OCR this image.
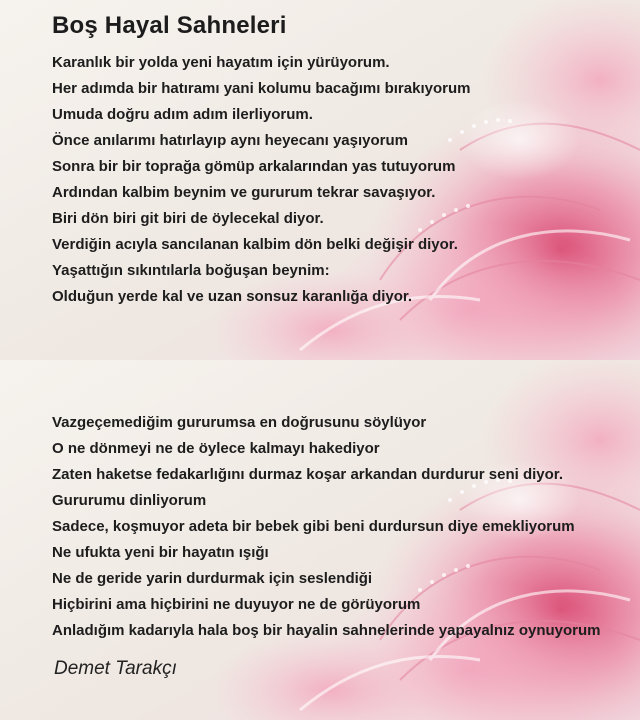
Boş Hayal Sahneleri
Karanlık bir yolda yeni hayatım için yürüyorum.
Her adımda bir hatıramı yani kolumu bacağımı bırakıyorum
Umuda doğru adım adım ilerliyorum.
Önce anılarımı hatırlayıp aynı heyecanı yaşıyorum
Sonra bir bir toprağa gömüp arkalarından yas tutuyorum
Ardından kalbim beynim ve gururum tekrar savaşıyor.
Biri dön biri git biri de öylecekal diyor.
Verdiğin acıyla sancılanan kalbim dön belki değişir diyor.
Yaşattığın sıkıntılarla boğuşan beynim:
Olduğun yerde kal ve uzan sonsuz karanlığa diyor.
Vazgeçemediğim gururumsa en doğrusunu söylüyor
O ne dönmeyi ne de öylece kalmayı hakediyor
Zaten haketse fedakarlığını durmaz koşar arkandan durdurur seni diyor.
Gururumu dinliyorum
Sadece, koşmuyor adeta bir bebek gibi beni durdursun diye emekliyorum
Ne ufukta yeni bir hayatın ışığı
Ne de geride yarin durdurmak için seslendiği
Hiçbirini ama hiçbirini ne duyuyor ne de görüyorum
Anladığım kadarıyla hala boş bir hayalin sahnelerinde yapayalnız oynuyorum

Demet Tarakçı
